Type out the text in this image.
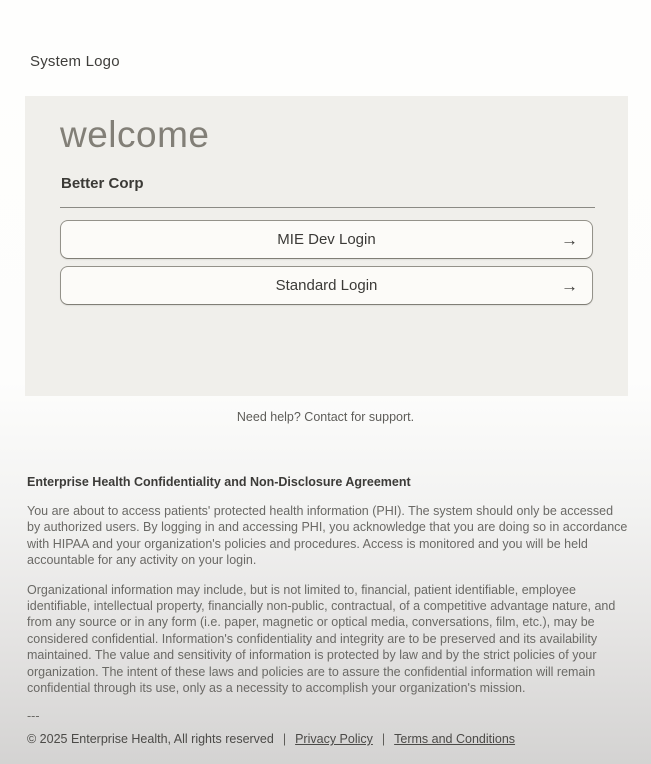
System Logo
welcome
Better Corp
MIE Dev Login	→
Standard Login	→
Need help? Contact for support.
Enterprise Health Confidentiality and Non-Disclosure Agreement

You are about to access patients' protected health information (PHI). The system should only be accessed by authorized users. By logging in and accessing PHI, you acknowledge that you are doing so in accordance with HIPAA and your organization's policies and procedures. Access is monitored and you will be held accountable for any activity on your login.

Organizational information may include, but is not limited to, financial, patient identifiable, employee identifiable, intellectual property, financially non-public, contractual, of a competitive advantage nature, and from any source or in any form (i.e. paper, magnetic or optical media, conversations, film, etc.), may be considered confidential. Information's confidentiality and integrity are to be preserved and its availability maintained. The value and sensitivity of information is protected by law and by the strict policies of your organization. The intent of these laws and policies are to assure the confidential information will remain confidential through its use, only as a necessity to accomplish your organization's mission.

---
© 2025 Enterprise Health, All rights reserved | Privacy Policy | Terms and Conditions
